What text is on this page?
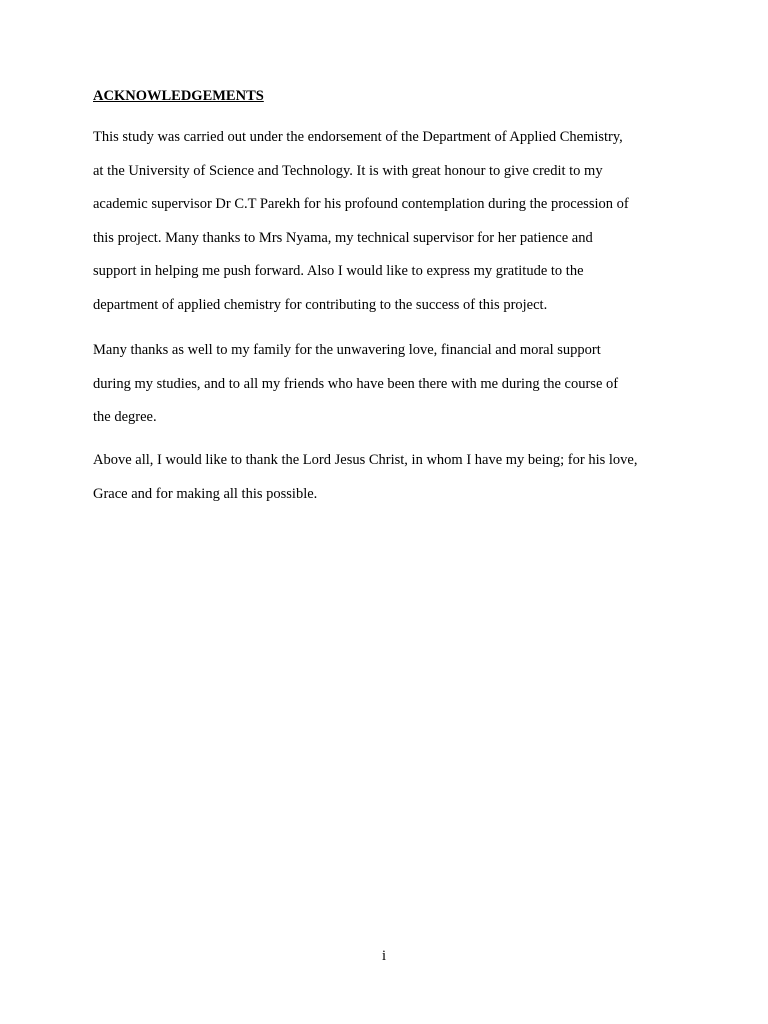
ACKNOWLEDGEMENTS
This study was carried out under the endorsement of the Department of Applied Chemistry,
at the University of Science and Technology. It is with great honour to give credit to my
academic supervisor Dr C.T Parekh for his profound contemplation during the procession of
this project. Many thanks to Mrs Nyama, my technical supervisor for her patience and
support in helping me push forward. Also I would like to express my gratitude to the
department of applied chemistry for contributing to the success of this project.
Many thanks as well to my family for the unwavering love, financial and moral support
during my studies, and to all my friends who have been there with me during the course of
the degree.
Above all, I would like to thank the Lord Jesus Christ, in whom I have my being; for his love,
Grace and for making all this possible.
i
